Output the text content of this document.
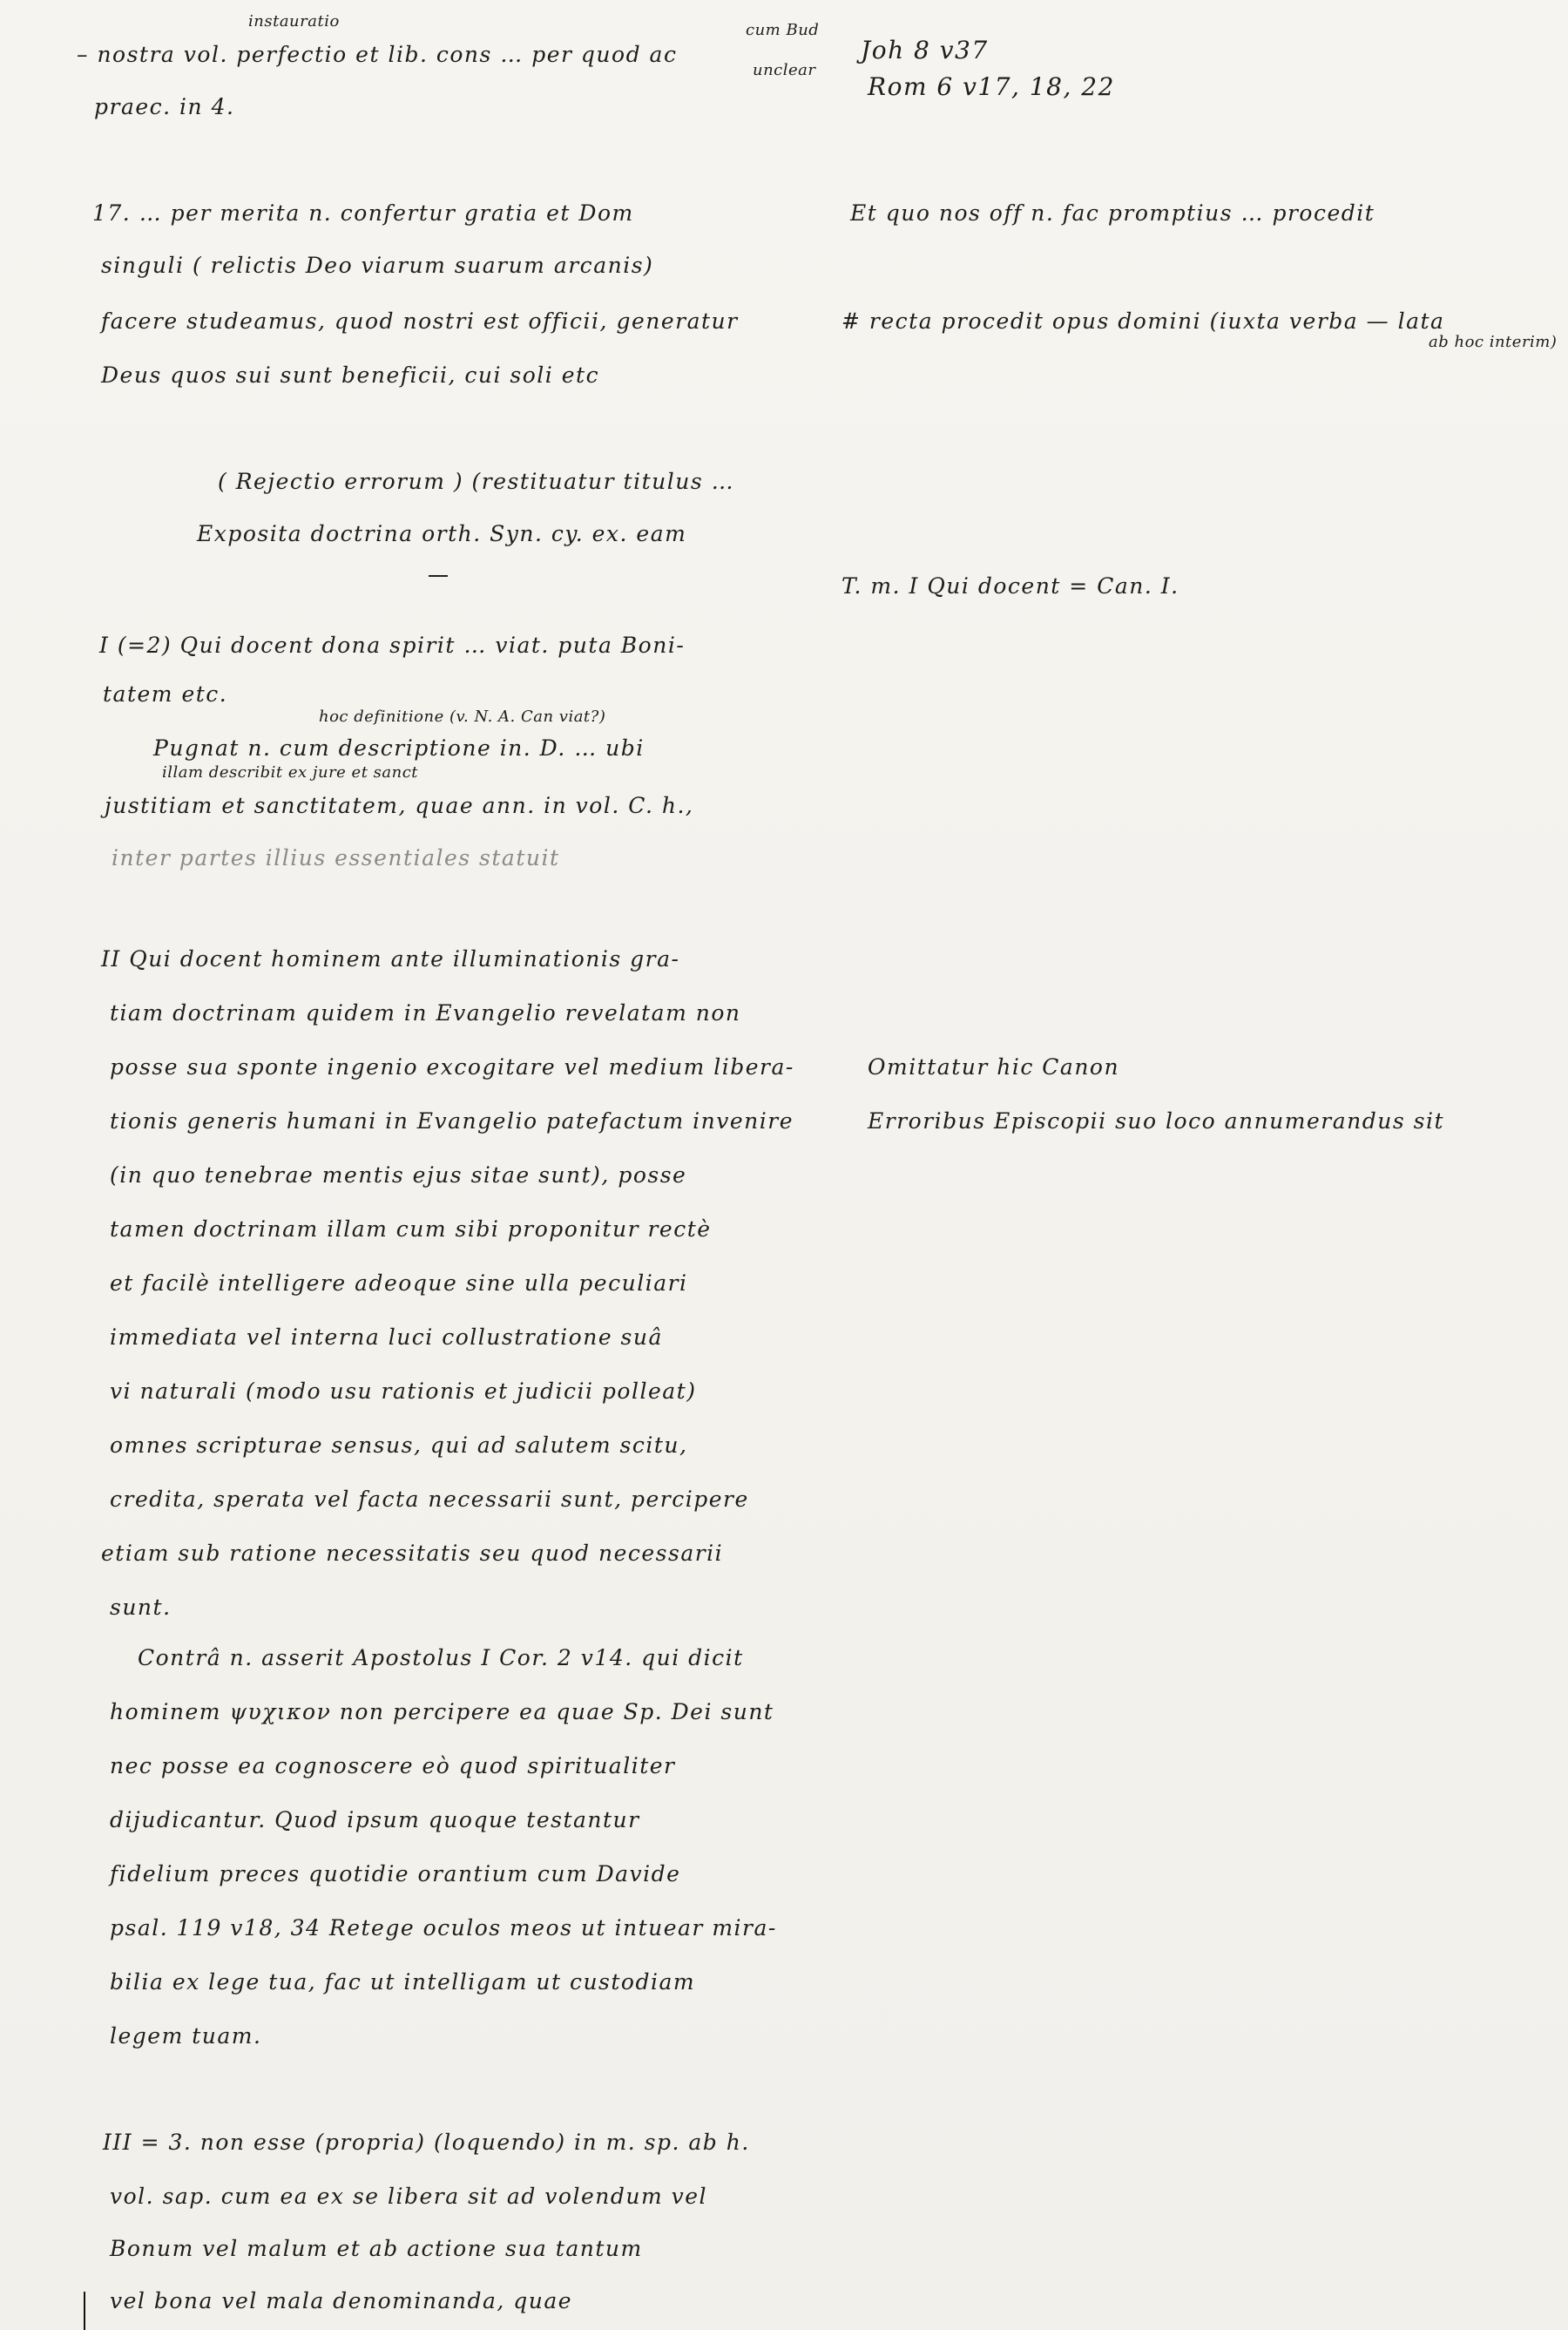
instauratio	cum Bud
– nostra vol. perfectio et lib. cons … per quod ac
unclear
praec. in 4.
Joh 8 v37
Rom 6 v17, 18, 22
17. … per merita n. confertur gratia et Dom
singuli ( relictis Deo viarum suarum arcanis)
facere studeamus, quod nostri est officii, generatur
Deus quos sui sunt beneficii, cui soli etc
Et quo nos off n. fac promptius … procedit
# recta procedit opus domini (iuxta verba — lata
ab hoc interim)
( Rejectio errorum ) (restituatur titulus …
Exposita doctrina orth. Syn. cy. ex. eam
T. m. I Qui docent = Can. I.
I (=2) Qui docent dona spirit … viat. puta Boni-
tatem etc.
hoc definitione (v. N. A. Can viat?)
Pugnat n. cum descriptione in. D. … ubi
illam describit ex jure et sanct
justitiam et sanctitatem, quae ann. in vol. C. h.,
inter partes illius essentiales statuit
II Qui docent hominem ante illuminationis gra-
tiam doctrinam quidem in Evangelio revelatam non
posse sua sponte ingenio excogitare vel medium libera-
tionis generis humani in Evangelio patefactum invenire
(in quo tenebrae mentis ejus sitae sunt), posse
tamen doctrinam illam cum sibi proponitur rectè
et facilè intelligere adeoque sine ulla peculiari
immediata vel interna luci collustratione suâ
vi naturali (modo usu rationis et judicii polleat)
omnes scripturae sensus, qui ad salutem scitu,
credita, sperata vel facta necessarii sunt, percipere
etiam sub ratione necessitatis seu quod necessarii
sunt.
Omittatur hic Canon
Erroribus Episcopii suo loco annumerandus sit
Contrâ n. asserit Apostolus I Cor. 2 v14. qui dicit
hominem ψυχικον non percipere ea quae Sp. Dei sunt
nec posse ea cognoscere eò quod spiritualiter
dijudicantur. Quod ipsum quoque testantur
fidelium preces quotidie orantium cum Davide
psal. 119 v18, 34 Retege oculos meos ut intuear mira-
bilia ex lege tua, fac ut intelligam ut custodiam
legem tuam.
III = 3. non esse (propria) (loquendo) in m. sp. ab h.
vol. sap. cum ea ex se libera sit ad volendum vel
Bonum vel malum et ab actione sua tantum
vel bona vel mala denominanda, quae
